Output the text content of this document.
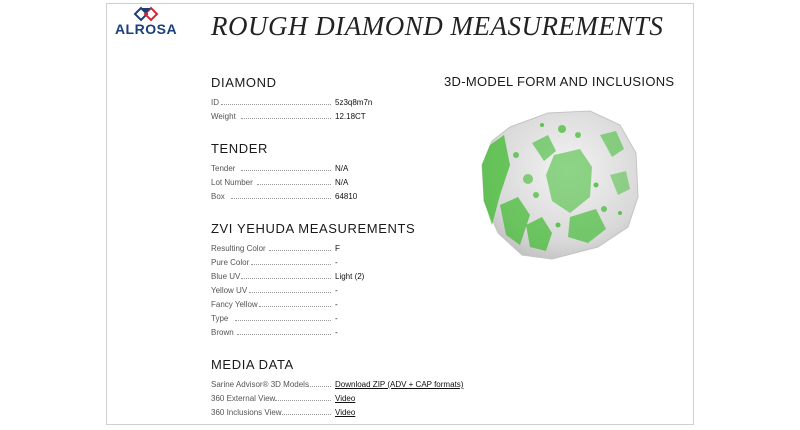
ALROSA ROUGH DIAMOND MEASUREMENTS
DIAMOND
ID	5z3q8m7n
Weight	12.18CT
TENDER
Tender	N/A
Lot Number	N/A
Box	64810
ZVI YEHUDA MEASUREMENTS
Resulting Color	F
Pure Color	-
Blue UV	Light (2)
Yellow UV	-
Fancy Yellow	-
Type	-
Brown	-
MEDIA DATA
Sarine Advisor® 3D Models	Download ZIP (ADV + CAP formats)
360 External View	Video
360 Inclusions View	Video
3D-MODEL FORM AND INCLUSIONS
